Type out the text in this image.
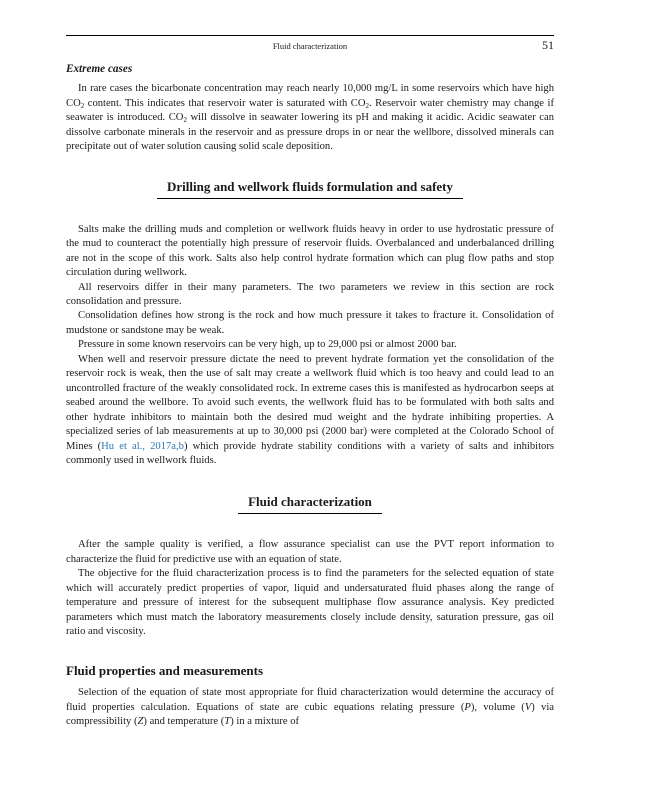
Fluid characterization	51

Extreme cases

In rare cases the bicarbonate concentration may reach nearly 10,000 mg/L in some reservoirs which have high $CO_2$ content. This indicates that reservoir water is saturated with $CO_2$. Reservoir water chemistry may change if seawater is introduced. $CO_2$ will dissolve in seawater lowering its pH and making it acidic. Acidic seawater can dissolve carbonate minerals in the reservoir and as pressure drops in or near the wellbore, dissolved minerals can precipitate out of water solution causing solid scale deposition.

Drilling and wellwork fluids formulation and safety

Salts make the drilling muds and completion or wellwork fluids heavy in order to use hydrostatic pressure of the mud to counteract the potentially high pressure of reservoir fluids. Overbalanced and underbalanced drilling are not in the scope of this work. Salts also help control hydrate formation which can plug flow paths and stop circulation during wellwork.

All reservoirs differ in their many parameters. The two parameters we review in this section are rock consolidation and pressure.

Consolidation defines how strong is the rock and how much pressure it takes to fracture it. Consolidation of mudstone or sandstone may be weak.

Pressure in some known reservoirs can be very high, up to 29,000 psi or almost 2000 bar.

When well and reservoir pressure dictate the need to prevent hydrate formation yet the consolidation of the reservoir rock is weak, then the use of salt may create a wellwork fluid which is too heavy and could lead to an uncontrolled fracture of the weakly consolidated rock. In extreme cases this is manifested as hydrocarbon seeps at seabed around the wellbore. To avoid such events, the wellwork fluid has to be formulated with both salts and other hydrate inhibitors to maintain both the desired mud weight and the hydrate inhibiting properties. A specialized series of lab measurements at up to 30,000 psi (2000 bar) were completed at the Colorado School of Mines (Hu et al., 2017a,b) which provide hydrate stability conditions with a variety of salts and inhibitors commonly used in wellwork fluids.

Fluid characterization

After the sample quality is verified, a flow assurance specialist can use the PVT report information to characterize the fluid for predictive use with an equation of state.

The objective for the fluid characterization process is to find the parameters for the selected equation of state which will accurately predict properties of vapor, liquid and undersaturated fluid phases along the range of temperature and pressure of interest for the subsequent multiphase flow assurance analysis. Key predicted parameters which must match the laboratory measurements closely include density, saturation pressure, gas oil ratio and viscosity.

Fluid properties and measurements

Selection of the equation of state most appropriate for fluid characterization would determine the accuracy of fluid properties calculation. Equations of state are cubic equations relating pressure (P), volume (V) via compressibility (Z) and temperature (T) in a mixture of
